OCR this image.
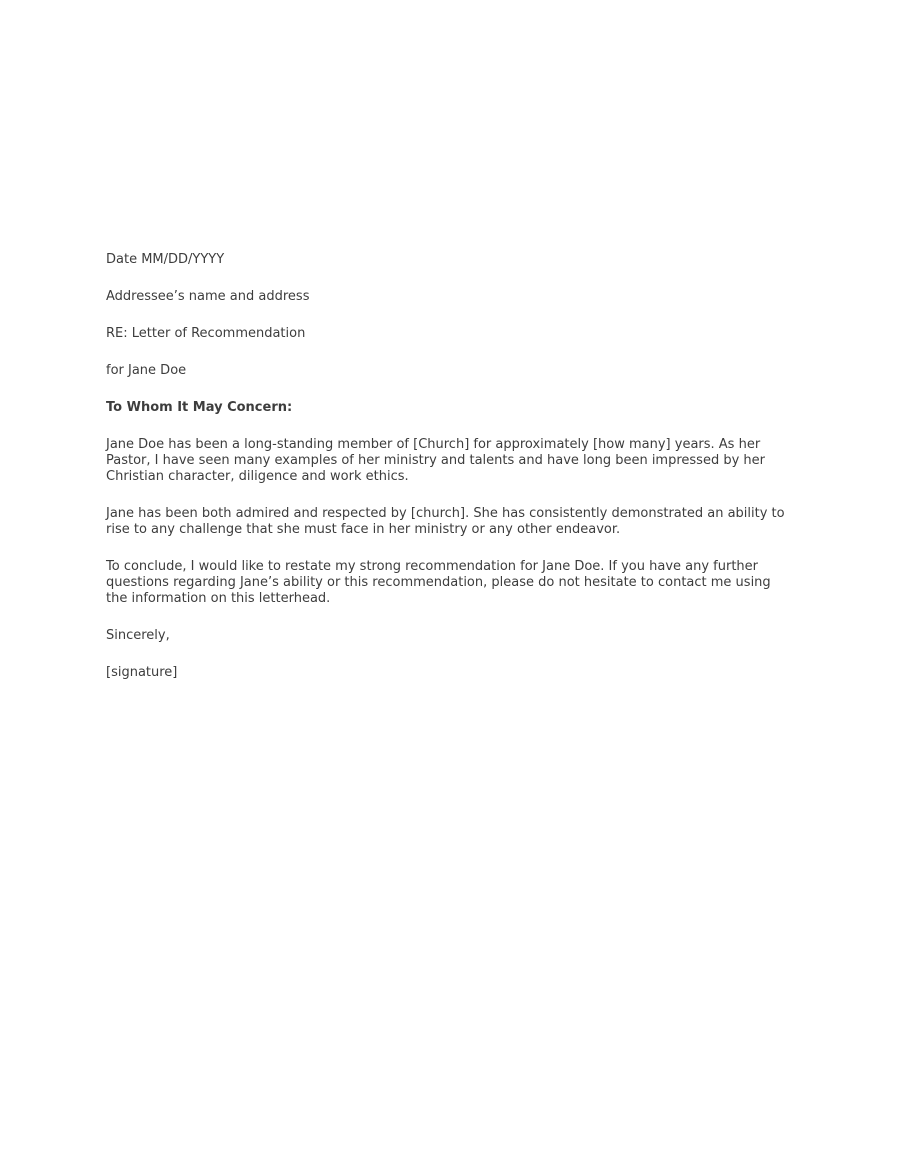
Date MM/DD/YYYY

Addressee’s name and address

RE: Letter of Recommendation

for Jane Doe

To Whom It May Concern:

Jane Doe has been a long-standing member of [Church] for approximately [how many] years. As her Pastor, I have seen many examples of her ministry and talents and have long been impressed by her Christian character, diligence and work ethics.

Jane has been both admired and respected by [church]. She has consistently demonstrated an ability to rise to any challenge that she must face in her ministry or any other endeavor.

To conclude, I would like to restate my strong recommendation for Jane Doe. If you have any further questions regarding Jane’s ability or this recommendation, please do not hesitate to contact me using the information on this letterhead.

Sincerely,

[signature]
